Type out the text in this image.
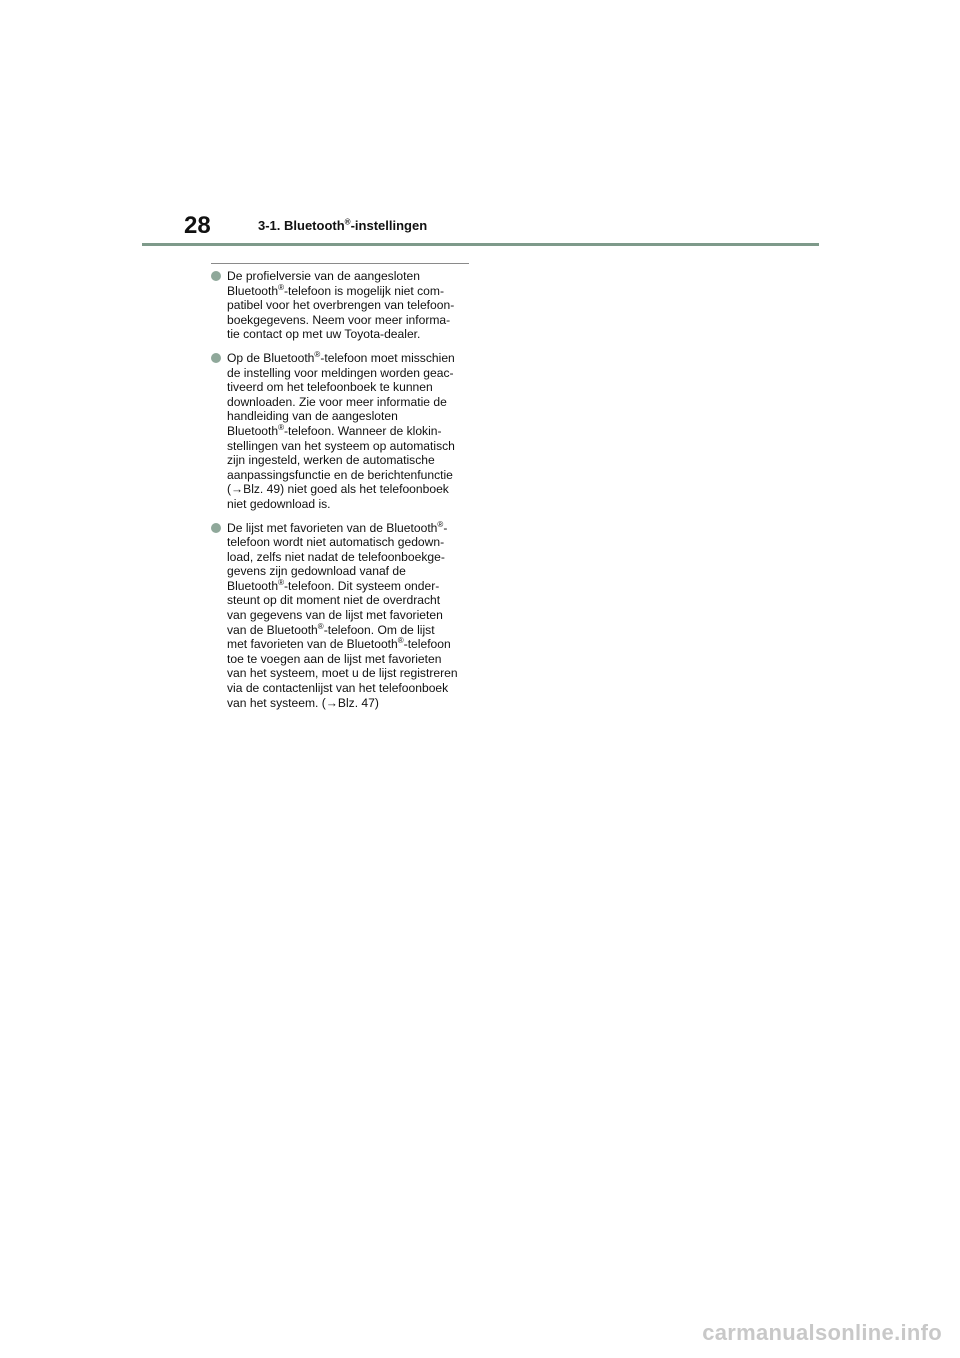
28	3-1. Bluetooth®-instellingen
De profielversie van de aangesloten
Bluetooth®-telefoon is mogelijk niet com-
patibel voor het overbrengen van telefoon-
boekgegevens. Neem voor meer informa-
tie contact op met uw Toyota-dealer.
Op de Bluetooth®-telefoon moet misschien
de instelling voor meldingen worden geac-
tiveerd om het telefoonboek te kunnen
downloaden. Zie voor meer informatie de
handleiding van de aangesloten
Bluetooth®-telefoon. Wanneer de klokin-
stellingen van het systeem op automatisch
zijn ingesteld, werken de automatische
aanpassingsfunctie en de berichtenfunctie
(→Blz. 49) niet goed als het telefoonboek
niet gedownload is.
De lijst met favorieten van de Bluetooth®-
telefoon wordt niet automatisch gedown-
load, zelfs niet nadat de telefoonboekge-
gevens zijn gedownload vanaf de
Bluetooth®-telefoon. Dit systeem onder-
steunt op dit moment niet de overdracht
van gegevens van de lijst met favorieten
van de Bluetooth®-telefoon. Om de lijst
met favorieten van de Bluetooth®-telefoon
toe te voegen aan de lijst met favorieten
van het systeem, moet u de lijst registreren
via de contactenlijst van het telefoonboek
van het systeem. (→Blz. 47)
carmanualsonline.info
